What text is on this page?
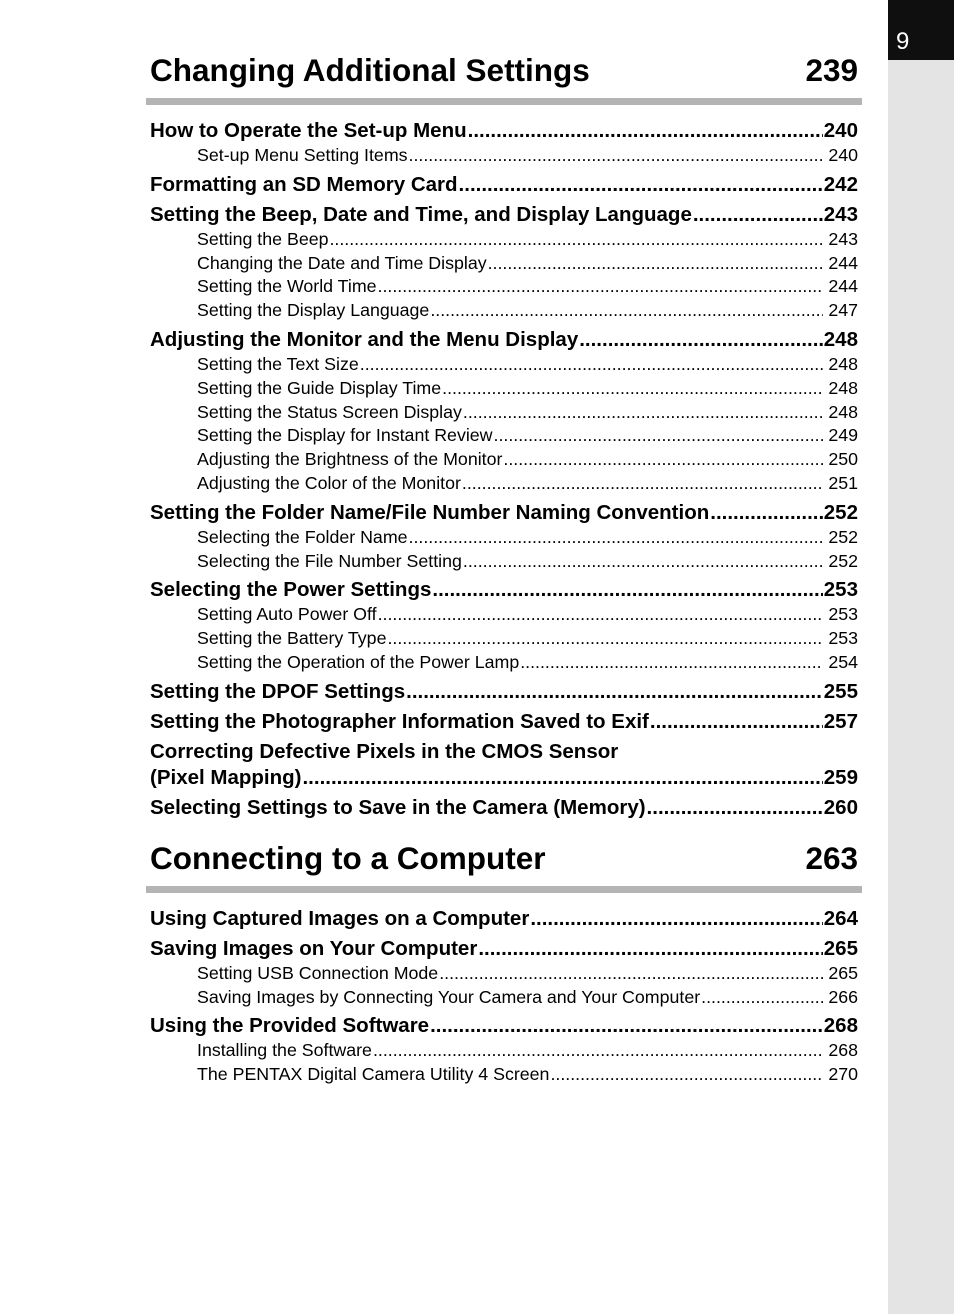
9
Changing Additional Settings	239
How to Operate the Set-up Menu .....	240
Set-up Menu Setting Items .....	240
Formatting an SD Memory Card .....	242
Setting the Beep, Date and Time, and Display Language .....	243
Setting the Beep .....	243
Changing the Date and Time Display .....	244
Setting the World Time .....	244
Setting the Display Language .....	247
Adjusting the Monitor and the Menu Display .....	248
Setting the Text Size .....	248
Setting the Guide Display Time .....	248
Setting the Status Screen Display .....	248
Setting the Display for Instant Review .....	249
Adjusting the Brightness of the Monitor .....	250
Adjusting the Color of the Monitor .....	251
Setting the Folder Name/File Number Naming Convention .....	252
Selecting the Folder Name .....	252
Selecting the File Number Setting .....	252
Selecting the Power Settings .....	253
Setting Auto Power Off .....	253
Setting the Battery Type .....	253
Setting the Operation of the Power Lamp .....	254
Setting the DPOF Settings .....	255
Setting the Photographer Information Saved to Exif .....	257
Correcting Defective Pixels in the CMOS Sensor
(Pixel Mapping) .....	259
Selecting Settings to Save in the Camera (Memory) .....	260
Connecting to a Computer	263
Using Captured Images on a Computer .....	264
Saving Images on Your Computer .....	265
Setting USB Connection Mode .....	265
Saving Images by Connecting Your Camera and Your Computer .....	266
Using the Provided Software .....	268
Installing the Software .....	268
The PENTAX Digital Camera Utility 4 Screen .....	270
